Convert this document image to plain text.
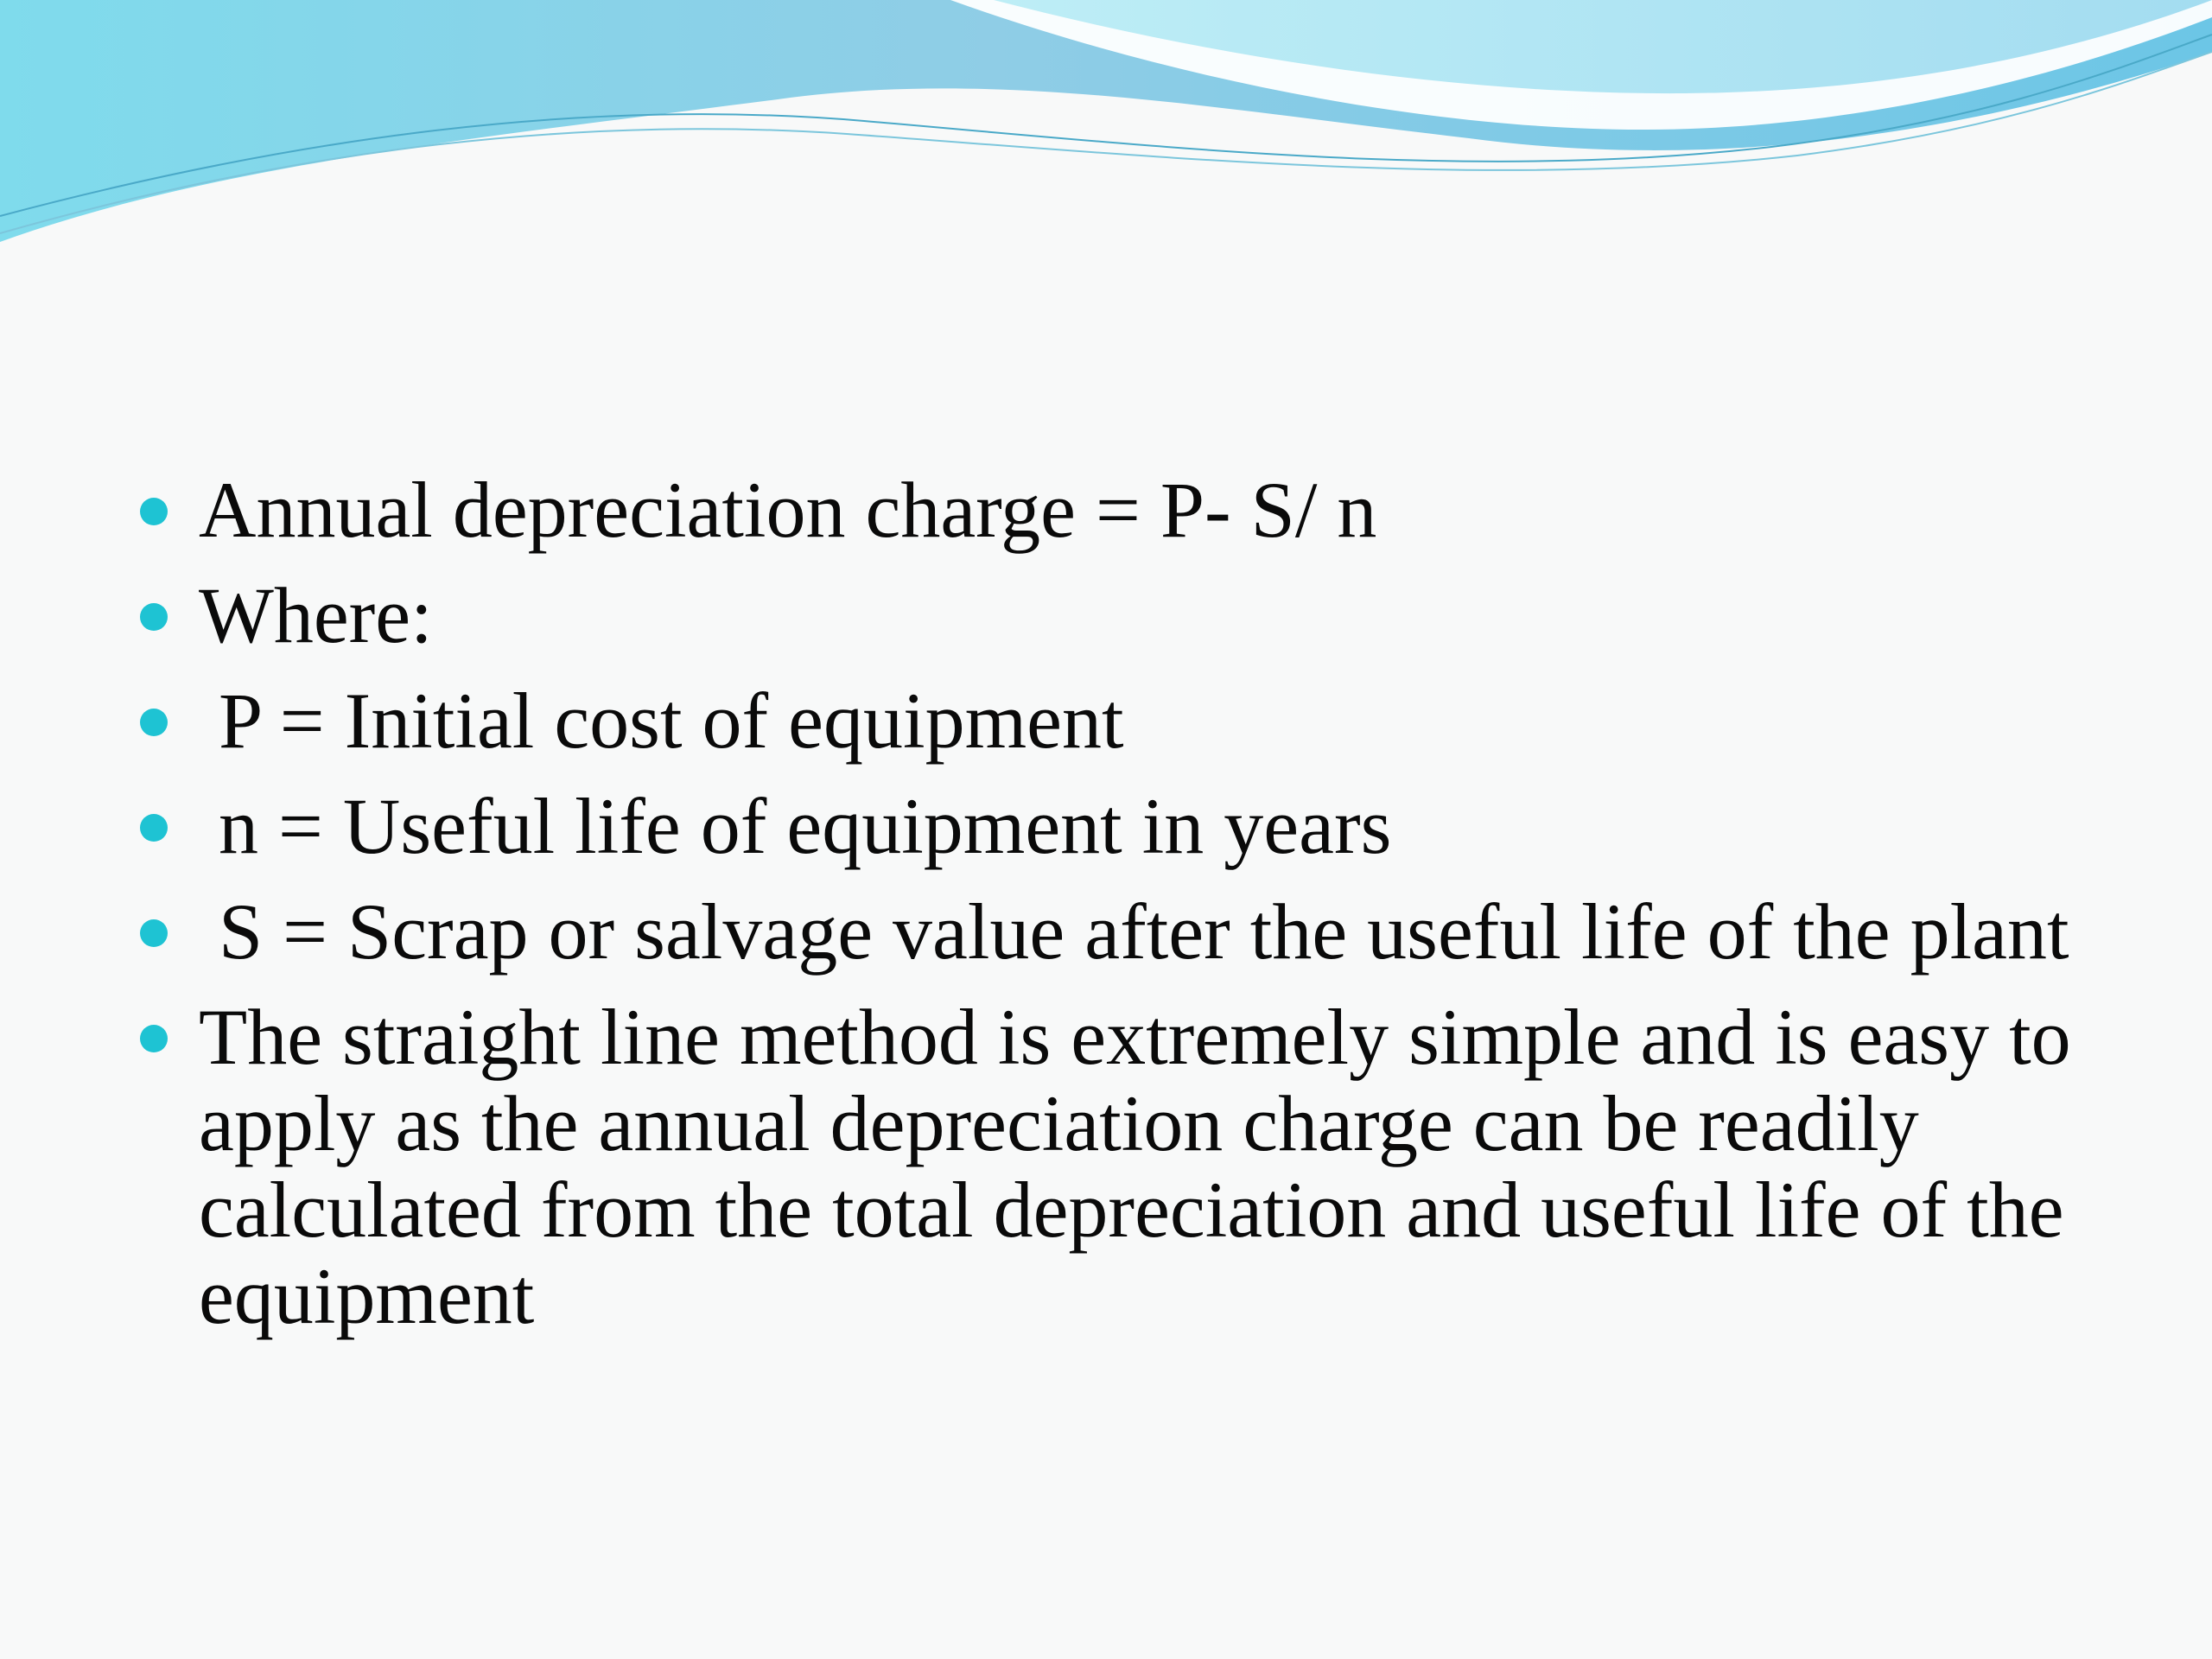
Annual depreciation charge = P- S/ n
Where:
P = Initial cost of equipment
n = Useful life of equipment in years
S = Scrap or salvage value after the useful life of the plant
The straight line method is extremely simple and is easy to apply as the annual depreciation charge can be readily calculated from the total depreciation and useful life of the equipment
